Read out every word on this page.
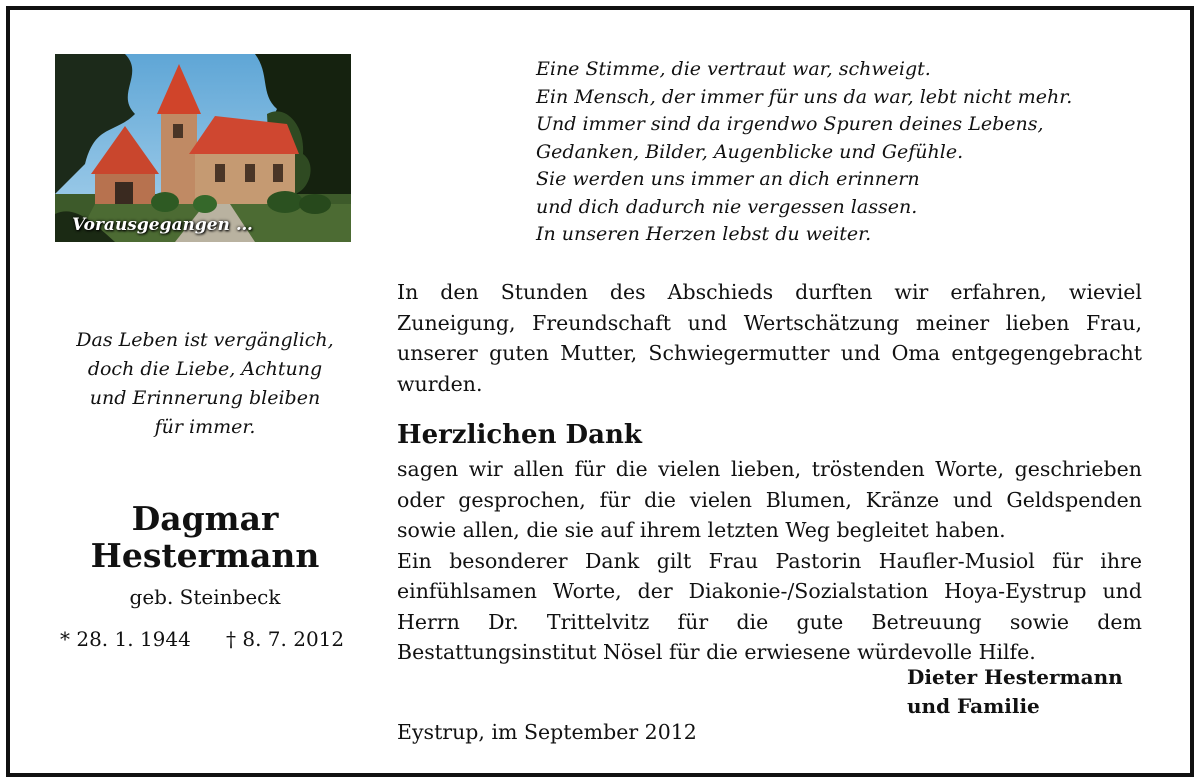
Vorausgegangen …
Das Leben ist vergänglich,
doch die Liebe, Achtung
und Erinnerung bleiben
für immer.
Dagmar
Hestermann
geb. Steinbeck
* 28. 1. 1944 † 8. 7. 2012
Eine Stimme, die vertraut war, schweigt.
Ein Mensch, der immer für uns da war, lebt nicht mehr.
Und immer sind da irgendwo Spuren deines Lebens,
Gedanken, Bilder, Augenblicke und Gefühle.
Sie werden uns immer an dich erinnern
und dich dadurch nie vergessen lassen.
In unseren Herzen lebst du weiter.
In den Stunden des Abschieds durften wir erfahren, wieviel Zuneigung, Freundschaft und Wertschätzung meiner lieben Frau, unserer guten Mutter, Schwiegermutter und Oma entgegengebracht wurden.
Herzlichen Dank
sagen wir allen für die vielen lieben, tröstenden Worte, geschrieben oder gesprochen, für die vielen Blumen, Kränze und Geldspenden sowie allen, die sie auf ihrem letzten Weg begleitet haben.
Ein besonderer Dank gilt Frau Pastorin Haufler-Musiol für ihre einfühlsamen Worte, der Diakonie-/Sozialstation Hoya-Eystrup und Herrn Dr. Trittelvitz für die gute Betreuung sowie dem Bestattungsinstitut Nösel für die erwiesene würdevolle Hilfe.
Dieter Hestermann
und Familie
Eystrup, im September 2012
